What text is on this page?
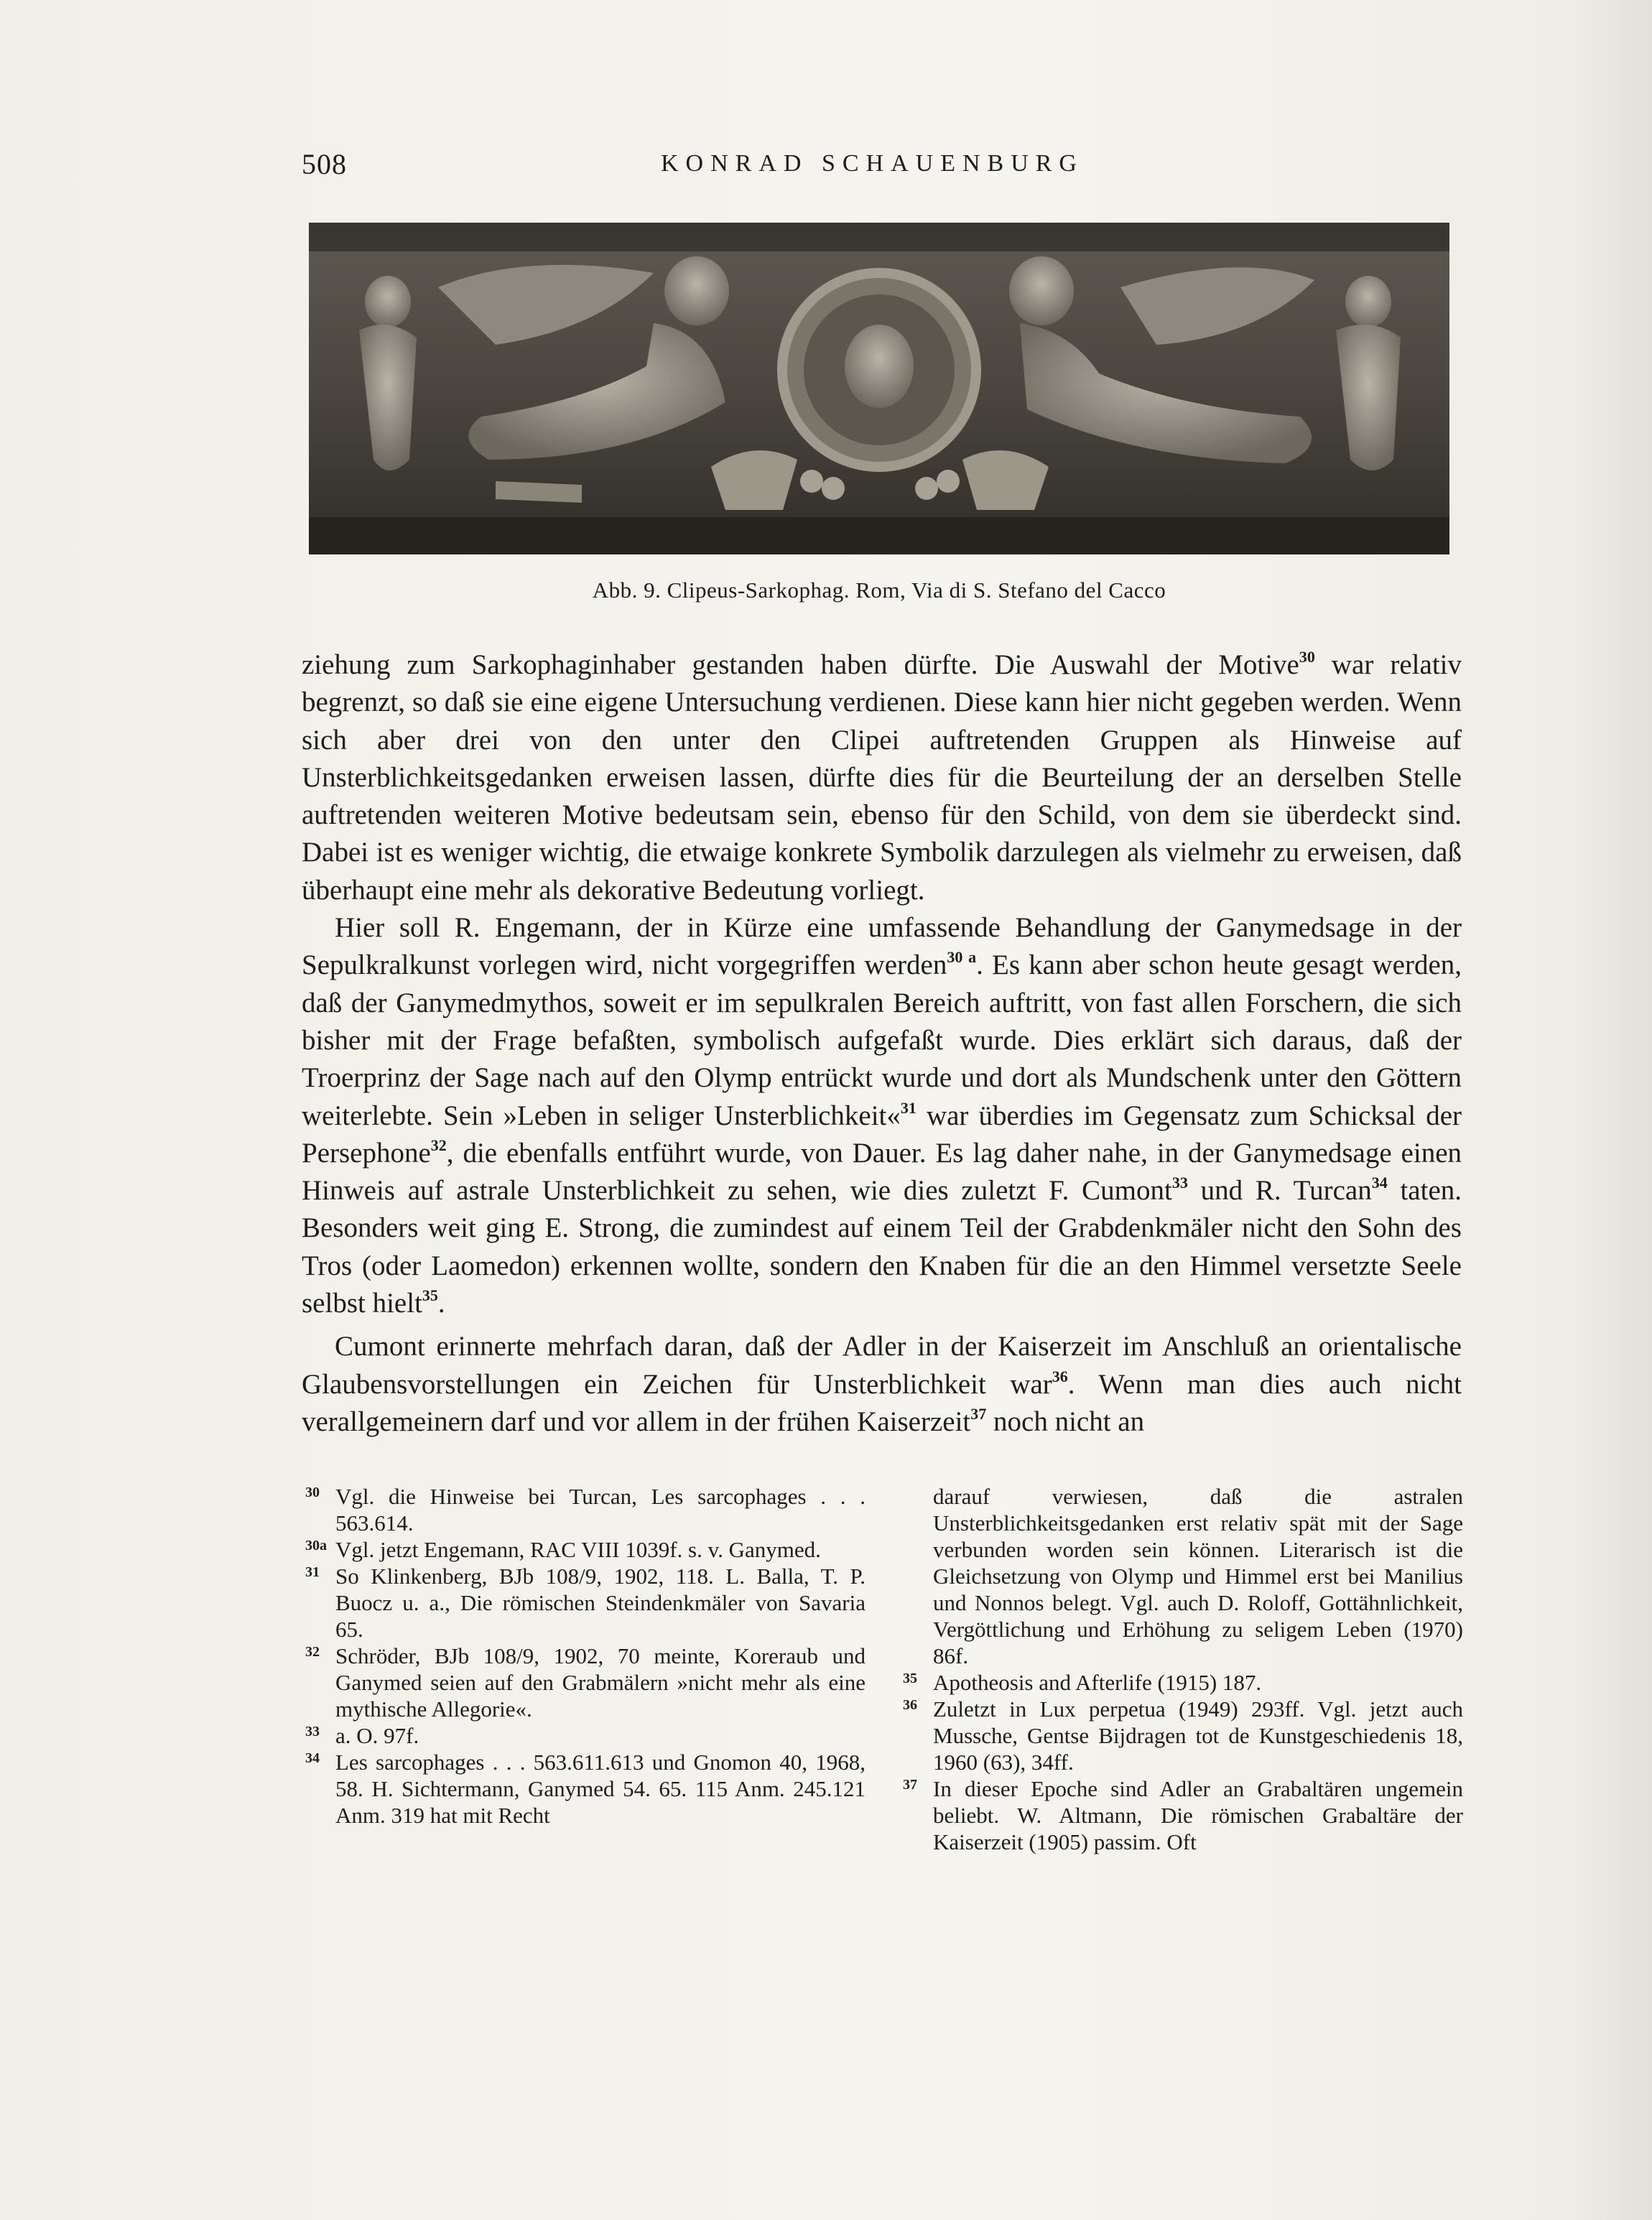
508	KONRAD SCHAUENBURG
Abb. 9. Clipeus-Sarkophag. Rom, Via di S. Stefano del Cacco

ziehung zum Sarkophaginhaber gestanden haben dürfte. Die Auswahl der Motive$^{30}$ war relativ begrenzt, so daß sie eine eigene Untersuchung verdienen. Diese kann hier nicht gegeben werden. Wenn sich aber drei von den unter den Clipei auftretenden Gruppen als Hinweise auf Unsterblichkeitsgedanken erweisen lassen, dürfte dies für die Beurteilung der an derselben Stelle auftretenden weiteren Motive bedeutsam sein, ebenso für den Schild, von dem sie überdeckt sind. Dabei ist es weniger wichtig, die etwaige konkrete Symbolik darzulegen als vielmehr zu erweisen, daß überhaupt eine mehr als dekorative Bedeutung vorliegt.

Hier soll R. Engemann, der in Kürze eine umfassende Behandlung der Ganymedsage in der Sepulkralkunst vorlegen wird, nicht vorgegriffen werden$^{30 a}$. Es kann aber schon heute gesagt werden, daß der Ganymedmythos, soweit er im sepulkralen Bereich auftritt, von fast allen Forschern, die sich bisher mit der Frage befaßten, symbolisch aufgefaßt wurde. Dies erklärt sich daraus, daß der Troerprinz der Sage nach auf den Olymp entrückt wurde und dort als Mundschenk unter den Göttern weiterlebte. Sein »Leben in seliger Unsterblichkeit«$^{31}$ war überdies im Gegensatz zum Schicksal der Persephone$^{32}$, die ebenfalls entführt wurde, von Dauer. Es lag daher nahe, in der Ganymedsage einen Hinweis auf astrale Unsterblichkeit zu sehen, wie dies zuletzt F. Cumont$^{33}$ und R. Turcan$^{34}$ taten. Besonders weit ging E. Strong, die zumindest auf einem Teil der Grabdenkmäler nicht den Sohn des Tros (oder Laomedon) erkennen wollte, sondern den Knaben für die an den Himmel versetzte Seele selbst hielt$^{35}$.

Cumont erinnerte mehrfach daran, daß der Adler in der Kaiserzeit im Anschluß an orientalische Glaubensvorstellungen ein Zeichen für Unsterblichkeit war$^{36}$. Wenn man dies auch nicht verallgemeinern darf und vor allem in der frühen Kaiserzeit$^{37}$ noch nicht an

30 Vgl. die Hinweise bei Turcan, Les sarcophages . . . 563.614.

30a Vgl. jetzt Engemann, RAC VIII 1039f. s. v. Ganymed.

31 So Klinkenberg, BJb 108/9, 1902, 118. L. Balla, T. P. Buocz u. a., Die römischen Steindenkmäler von Savaria 65.

32 Schröder, BJb 108/9, 1902, 70 meinte, Koreraub und Ganymed seien auf den Grabmälern »nicht mehr als eine mythische Allegorie«.

33 a. O. 97f.

34 Les sarcophages . . . 563.611.613 und Gnomon 40, 1968, 58. H. Sichtermann, Ganymed 54. 65. 115 Anm. 245.121 Anm. 319 hat mit Recht

darauf verwiesen, daß die astralen Unsterblichkeitsgedanken erst relativ spät mit der Sage verbunden worden sein können. Literarisch ist die Gleichsetzung von Olymp und Himmel erst bei Manilius und Nonnos belegt. Vgl. auch D. Roloff, Gottähnlichkeit, Vergöttlichung und Erhöhung zu seligem Leben (1970) 86f.

35 Apotheosis and Afterlife (1915) 187.

36 Zuletzt in Lux perpetua (1949) 293ff. Vgl. jetzt auch Mussche, Gentse Bijdragen tot de Kunstgeschiedenis 18, 1960 (63), 34ff.

37 In dieser Epoche sind Adler an Grabaltären ungemein beliebt. W. Altmann, Die römischen Grabaltäre der Kaiserzeit (1905) passim. Oft
